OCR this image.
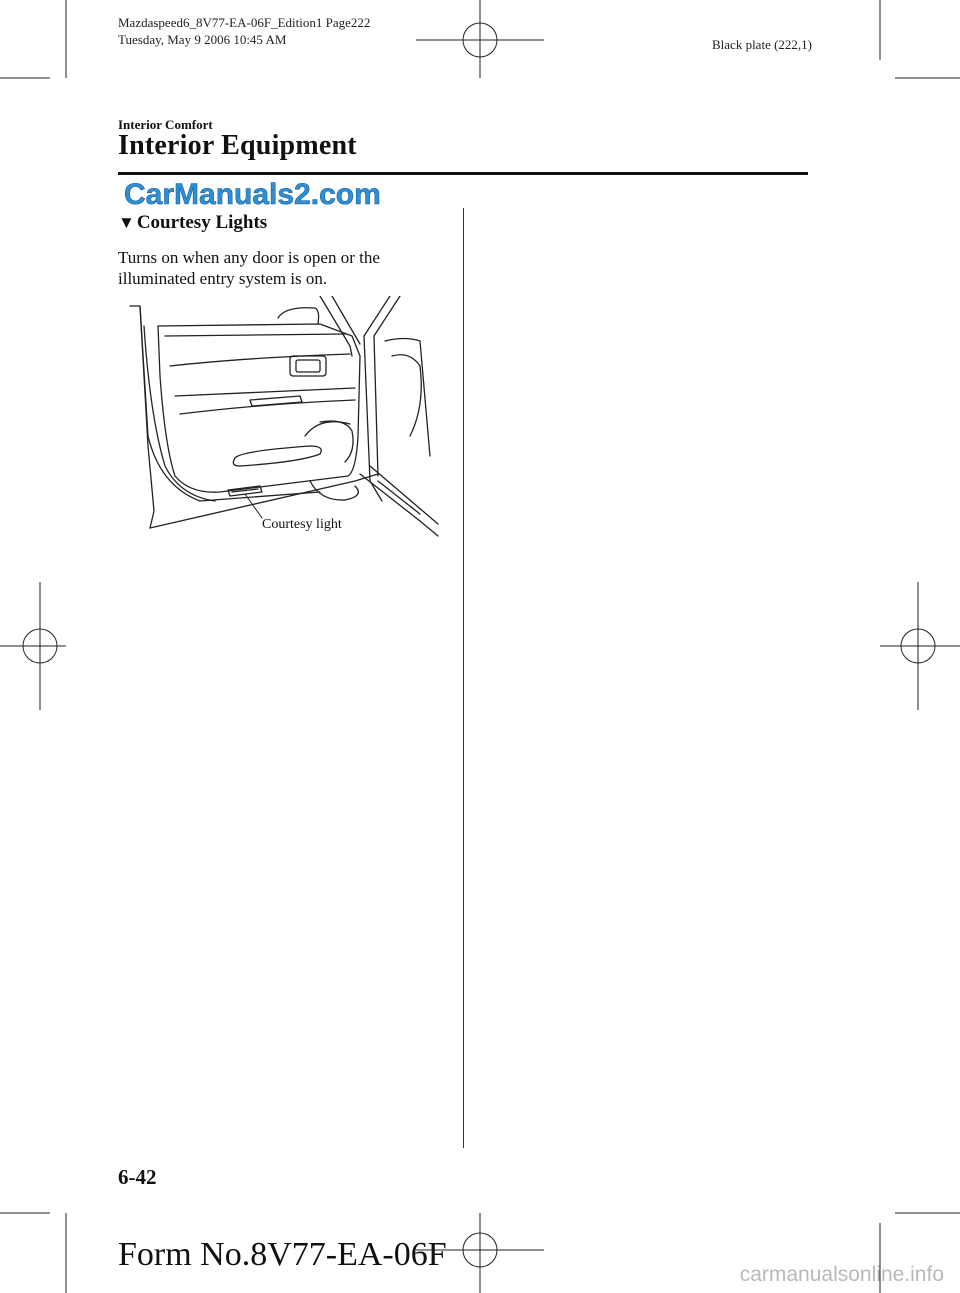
Mazdaspeed6_8V77-EA-06F_Edition1 Page222
Tuesday, May 9 2006 10:45 AM	Black plate (222,1)
Interior Comfort
Interior Equipment
CarManuals2.com
▼ Courtesy Lights
Turns on when any door is open or the illuminated entry system is on.
Courtesy light
6-42
Form No.8V77-EA-06F
carmanualsonline.info
